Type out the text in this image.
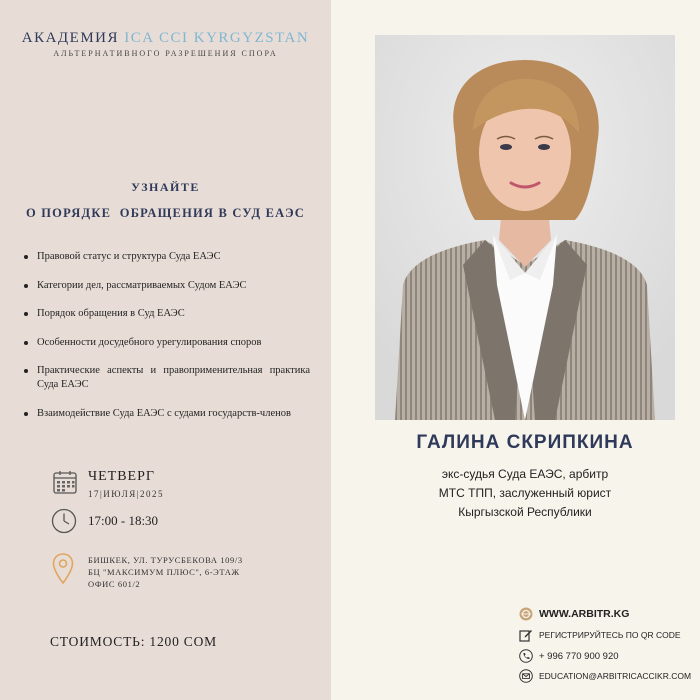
АКАДЕМИЯ ICA CCI KYRGYZSTAN
АЛЬТЕРНАТИВНОГО РАЗРЕШЕНИЯ СПОРА
УЗНАЙТЕ
О ПОРЯДКЕ  ОБРАЩЕНИЯ В СУД ЕАЭС
Правовой статус и структура Суда ЕАЭС
Категории дел, рассматриваемых Судом ЕАЭС
Порядок обращения в Суд ЕАЭС
Особенности досудебного урегулирования споров
Практические аспекты и правоприменительная практика Суда ЕАЭС
Взаимодействие Суда ЕАЭС с судами государств-членов
ЧЕТВЕРГ
17|ИЮЛЯ|2025
17:00 - 18:30
БИШКЕК, УЛ. ТУРУСБЕКОВА 109/3
БЦ "МАКСИМУМ ПЛЮС", 6-ЭТАЖ
ОФИС 601/2
СТОИМОСТЬ: 1200 СОМ
ГАЛИНА СКРИПКИНА
экс-судья Суда ЕАЭС, арбитр
МТС ТПП, заслуженный юрист
Кыргызской Республики
WWW.ARBITR.KG
РЕГИСТРИРУЙТЕСЬ ПО QR CODE
+ 996 770 900 920
EDUCATION@ARBITRICACCIKR.COM
